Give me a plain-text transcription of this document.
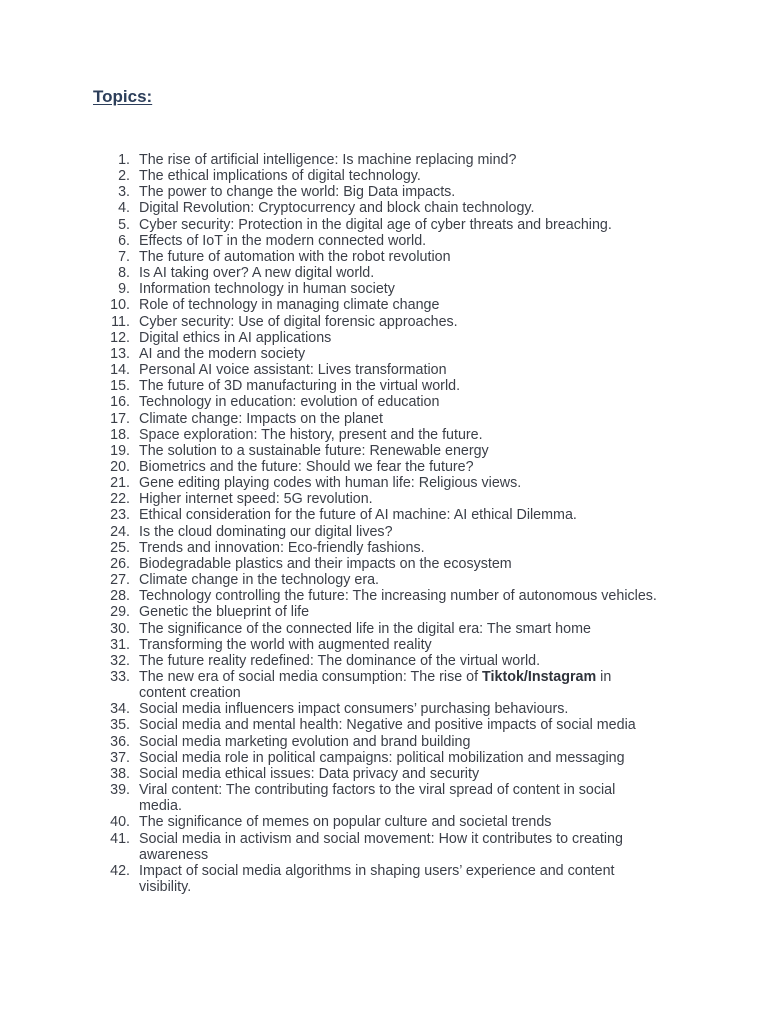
Topics:
1. The rise of artificial intelligence: Is machine replacing mind?
2. The ethical implications of digital technology.
3. The power to change the world: Big Data impacts.
4. Digital Revolution: Cryptocurrency and block chain technology.
5. Cyber security: Protection in the digital age of cyber threats and breaching.
6. Effects of IoT in the modern connected world.
7. The future of automation with the robot revolution
8. Is AI taking over? A new digital world.
9. Information technology in human society
10. Role of technology in managing climate change
11. Cyber security: Use of digital forensic approaches.
12. Digital ethics in AI applications
13. AI and the modern society
14. Personal AI voice assistant: Lives transformation
15. The future of 3D manufacturing in the virtual world.
16. Technology in education: evolution of education
17. Climate change: Impacts on the planet
18. Space exploration: The history, present and the future.
19. The solution to a sustainable future: Renewable energy
20. Biometrics and the future: Should we fear the future?
21. Gene editing playing codes with human life: Religious views.
22. Higher internet speed: 5G revolution.
23. Ethical consideration for the future of AI machine: AI ethical Dilemma.
24. Is the cloud dominating our digital lives?
25. Trends and innovation: Eco-friendly fashions.
26. Biodegradable plastics and their impacts on the ecosystem
27. Climate change in the technology era.
28. Technology controlling the future: The increasing number of autonomous vehicles.
29. Genetic the blueprint of life
30. The significance of the connected life in the digital era: The smart home
31. Transforming the world with augmented reality
32. The future reality redefined: The dominance of the virtual world.
33. The new era of social media consumption: The rise of Tiktok/Instagram in content creation
34. Social media influencers impact consumers’ purchasing behaviours.
35. Social media and mental health: Negative and positive impacts of social media
36. Social media marketing evolution and brand building
37. Social media role in political campaigns: political mobilization and messaging
38. Social media ethical issues: Data privacy and security
39. Viral content: The contributing factors to the viral spread of content in social media.
40. The significance of memes on popular culture and societal trends
41. Social media in activism and social movement: How it contributes to creating awareness
42. Impact of social media algorithms in shaping users’ experience and content visibility.
